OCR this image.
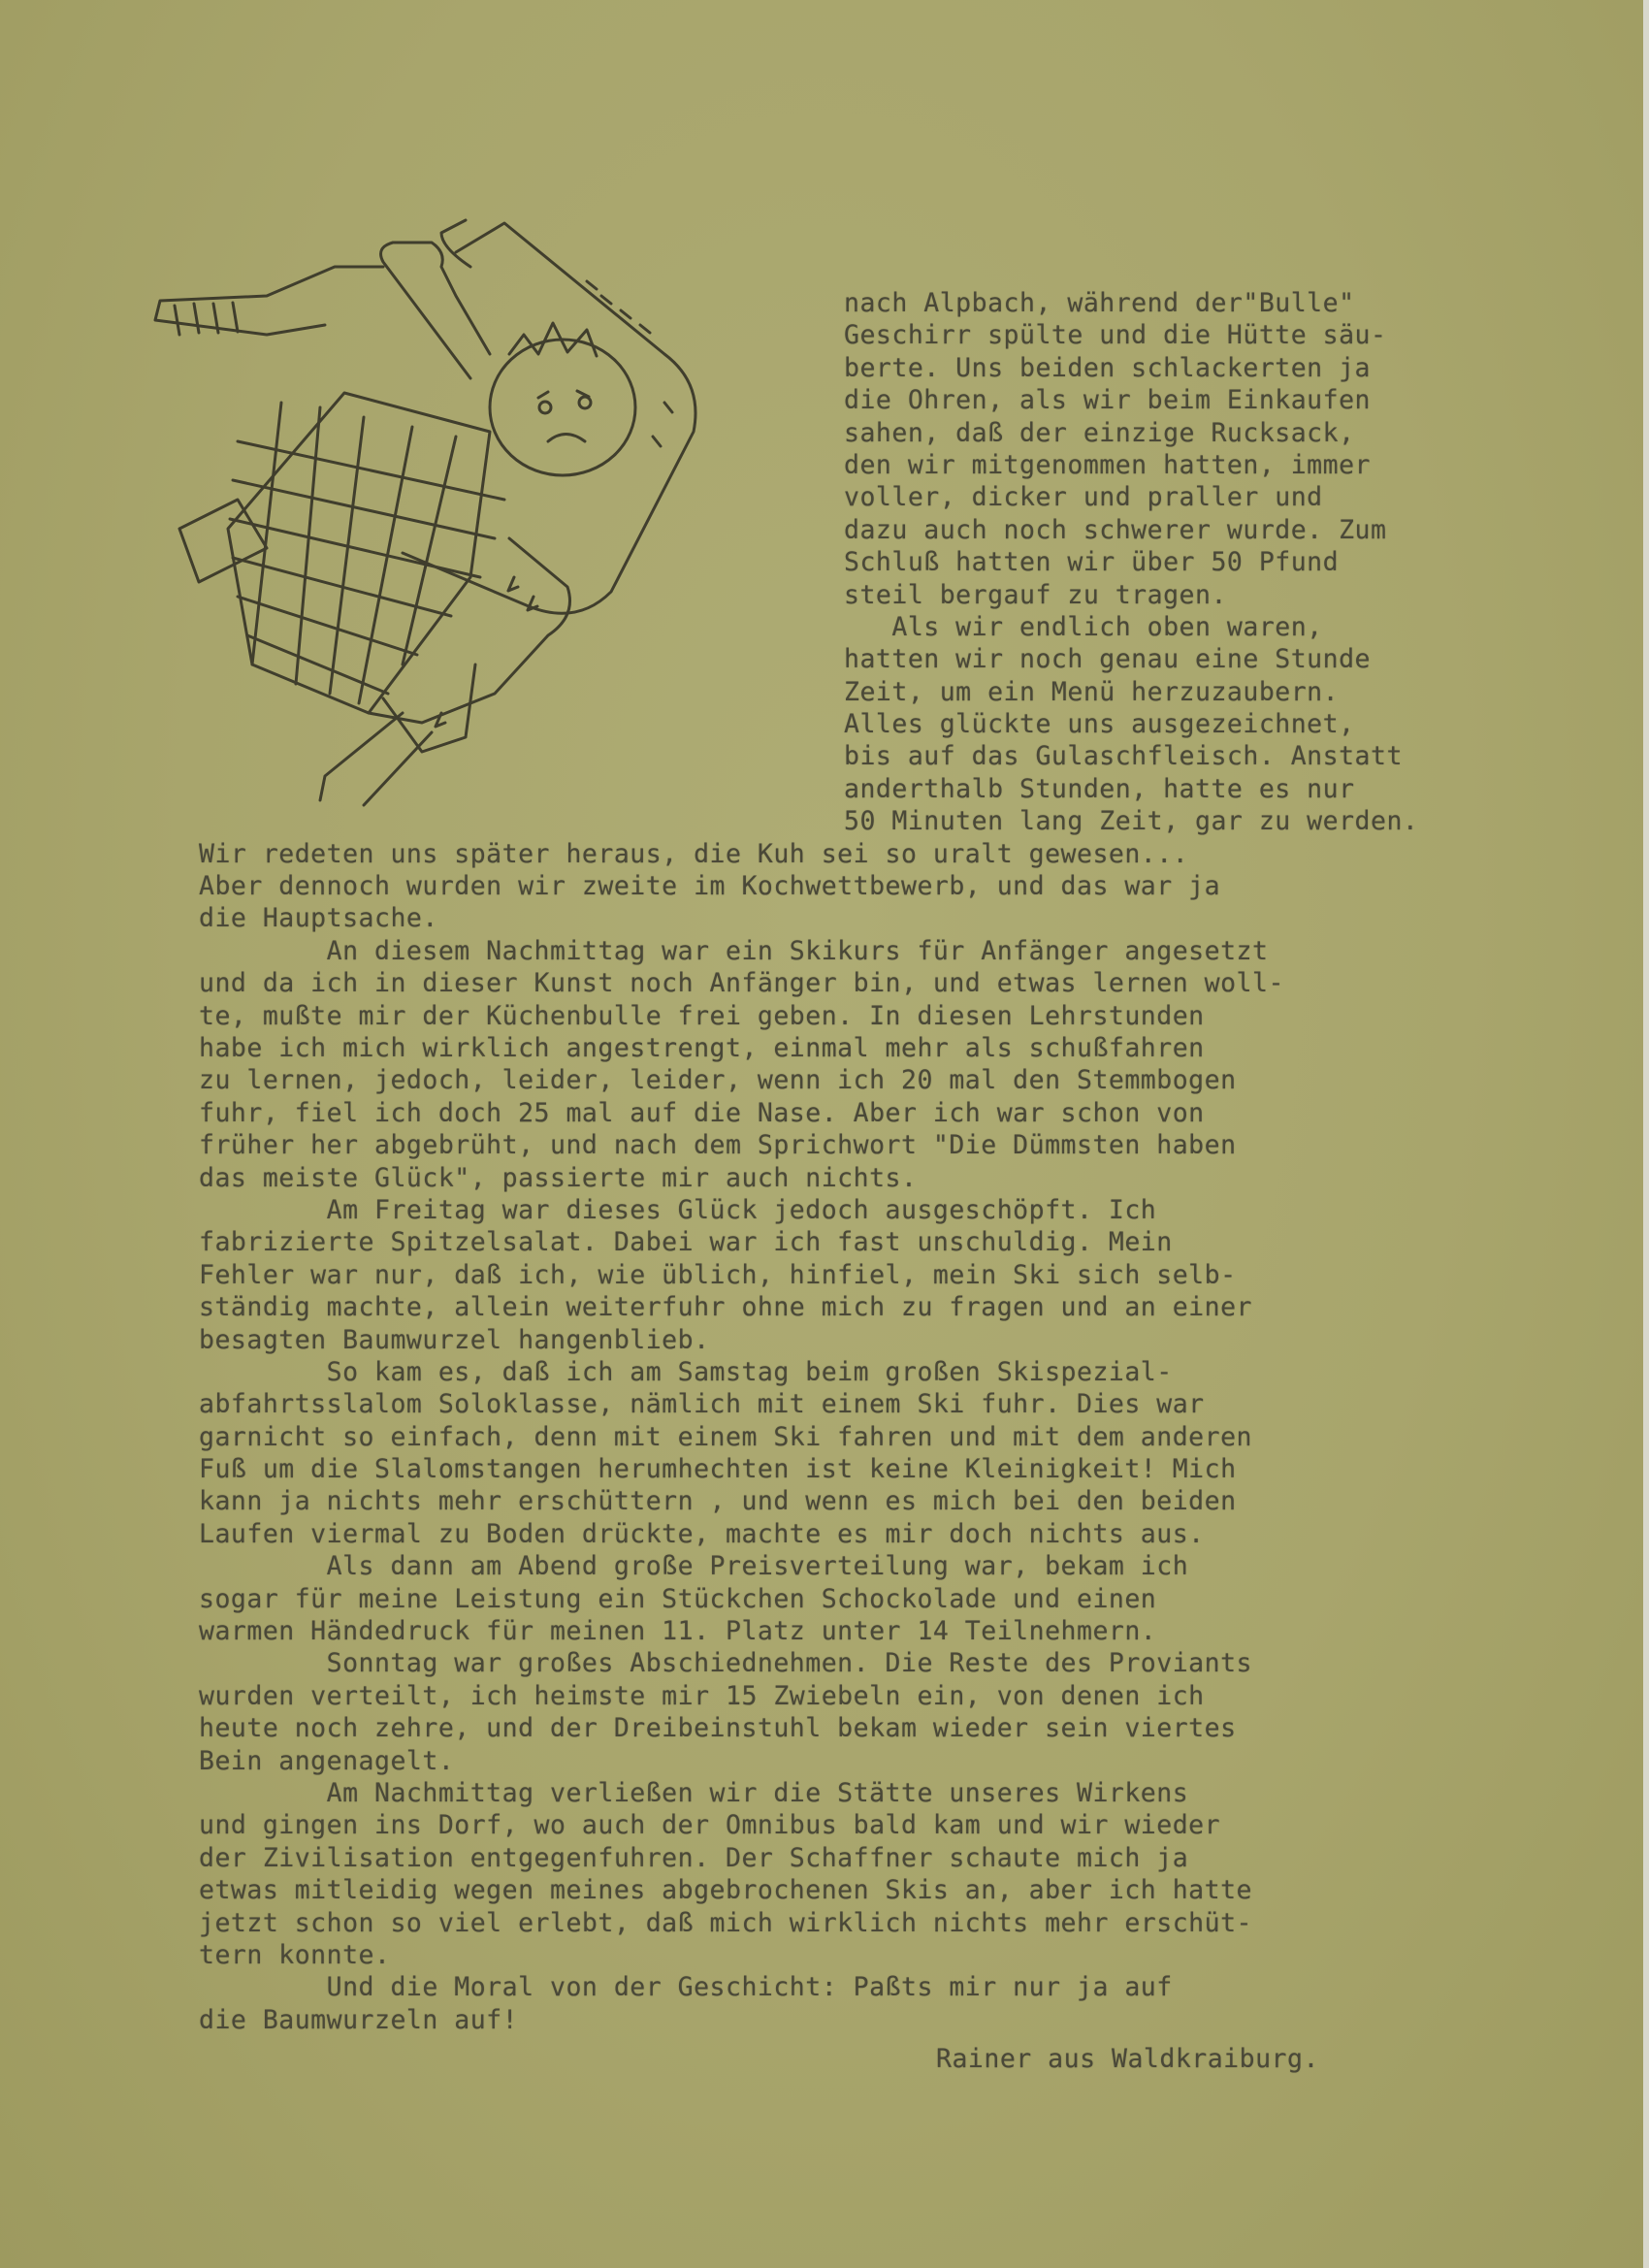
nach Alpbach, während der"Bulle"
Geschirr spülte und die Hütte säu-
berte. Uns beiden schlackerten ja
die Ohren, als wir beim Einkaufen
sahen, daß der einzige Rucksack,
den wir mitgenommen hatten, immer
voller, dicker und praller und
dazu auch noch schwerer wurde. Zum
Schluß hatten wir über 50 Pfund
steil bergauf zu tragen.
Als wir endlich oben waren,
hatten wir noch genau eine Stunde
Zeit, um ein Menü herzuzaubern.
Alles glückte uns ausgezeichnet,
bis auf das Gulaschfleisch. Anstatt
anderthalb Stunden, hatte es nur
50 Minuten lang Zeit, gar zu werden.
Wir redeten uns später heraus, die Kuh sei so uralt gewesen...
Aber dennoch wurden wir zweite im Kochwettbewerb, und das war ja
die Hauptsache.
An diesem Nachmittag war ein Skikurs für Anfänger angesetzt
und da ich in dieser Kunst noch Anfänger bin, und etwas lernen woll-
te, mußte mir der Küchenbulle frei geben. In diesen Lehrstunden
habe ich mich wirklich angestrengt, einmal mehr als schußfahren
zu lernen, jedoch, leider, leider, wenn ich 20 mal den Stemmbogen
fuhr, fiel ich doch 25 mal auf die Nase. Aber ich war schon von
früher her abgebrüht, und nach dem Sprichwort "Die Dümmsten haben
das meiste Glück", passierte mir auch nichts.
Am Freitag war dieses Glück jedoch ausgeschöpft. Ich
fabrizierte Spitzelsalat. Dabei war ich fast unschuldig. Mein
Fehler war nur, daß ich, wie üblich, hinfiel, mein Ski sich selb-
ständig machte, allein weiterfuhr ohne mich zu fragen und an einer
besagten Baumwurzel hangenblieb.
So kam es, daß ich am Samstag beim großen Skispezial-
abfahrtsslalom Soloklasse, nämlich mit einem Ski fuhr. Dies war
garnicht so einfach, denn mit einem Ski fahren und mit dem anderen
Fuß um die Slalomstangen herumhechten ist keine Kleinigkeit! Mich
kann ja nichts mehr erschüttern , und wenn es mich bei den beiden
Laufen viermal zu Boden drückte, machte es mir doch nichts aus.
Als dann am Abend große Preisverteilung war, bekam ich
sogar für meine Leistung ein Stückchen Schockolade und einen
warmen Händedruck für meinen 11. Platz unter 14 Teilnehmern.
Sonntag war großes Abschiednehmen. Die Reste des Proviants
wurden verteilt, ich heimste mir 15 Zwiebeln ein, von denen ich
heute noch zehre, und der Dreibeinstuhl bekam wieder sein viertes
Bein angenagelt.
Am Nachmittag verließen wir die Stätte unseres Wirkens
und gingen ins Dorf, wo auch der Omnibus bald kam und wir wieder
der Zivilisation entgegenfuhren. Der Schaffner schaute mich ja
etwas mitleidig wegen meines abgebrochenen Skis an, aber ich hatte
jetzt schon so viel erlebt, daß mich wirklich nichts mehr erschüt-
tern konnte.
Und die Moral von der Geschicht: Paßts mir nur ja auf
die Baumwurzeln auf!
Rainer aus Waldkraiburg.
